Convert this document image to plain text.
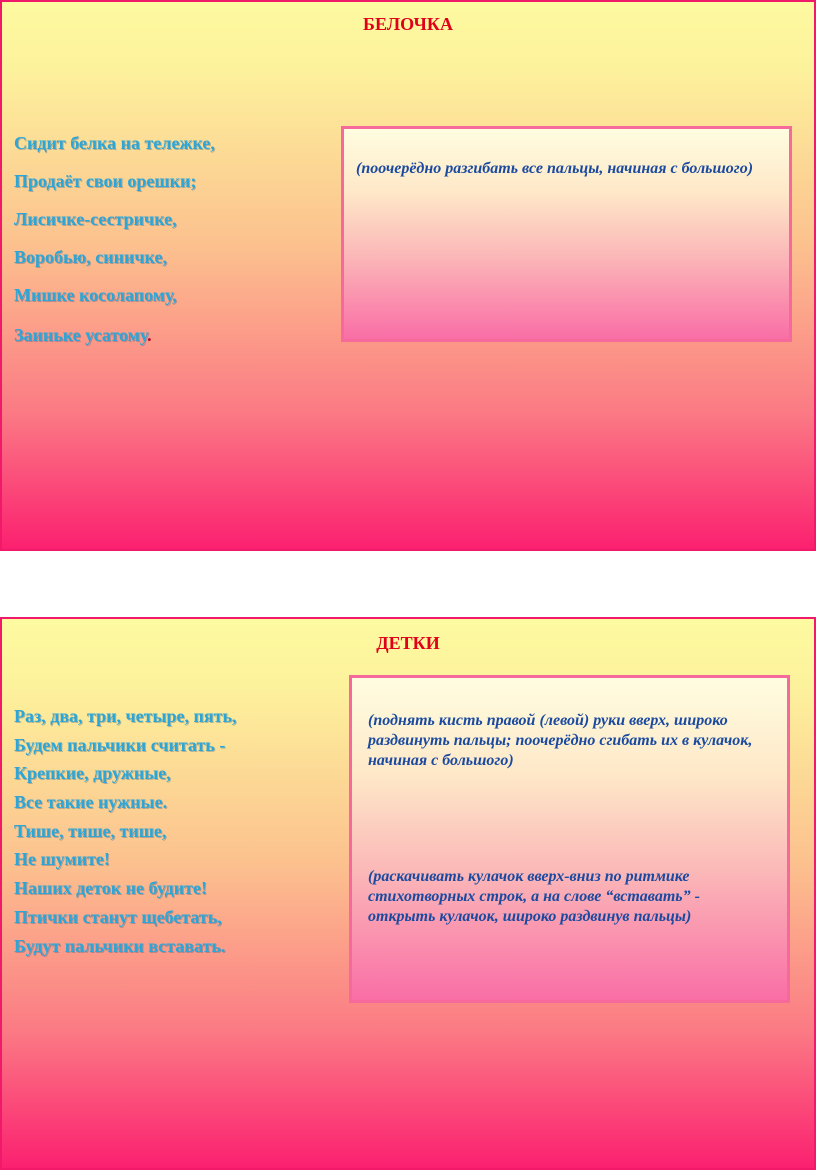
БЕЛОЧКА
Сидит белка на тележке,
Продаёт свои орешки;
Лисичке-сестричке,
Воробью, синичке,
Мишке косолапому,
Заиньке усатому.
(поочерёдно разгибать все пальцы, начиная с большого)
ДЕТКИ
Раз, два, три, четыре, пять,
Будем пальчики считать -
Крепкие, дружные,
Все такие нужные.
Тише, тише, тише,
Не шумите!
Наших деток не будите!
Птички станут щебетать,
Будут пальчики вставать.
(поднять кисть правой (левой) руки вверх, широко раздвинуть пальцы; поочерёдно сгибать их в кулачок, начиная с большого)
(раскачивать кулачок вверх-вниз по ритмике стихотворных строк, а на слове “вставать” - открыть кулачок, широко раздвинув пальцы)
